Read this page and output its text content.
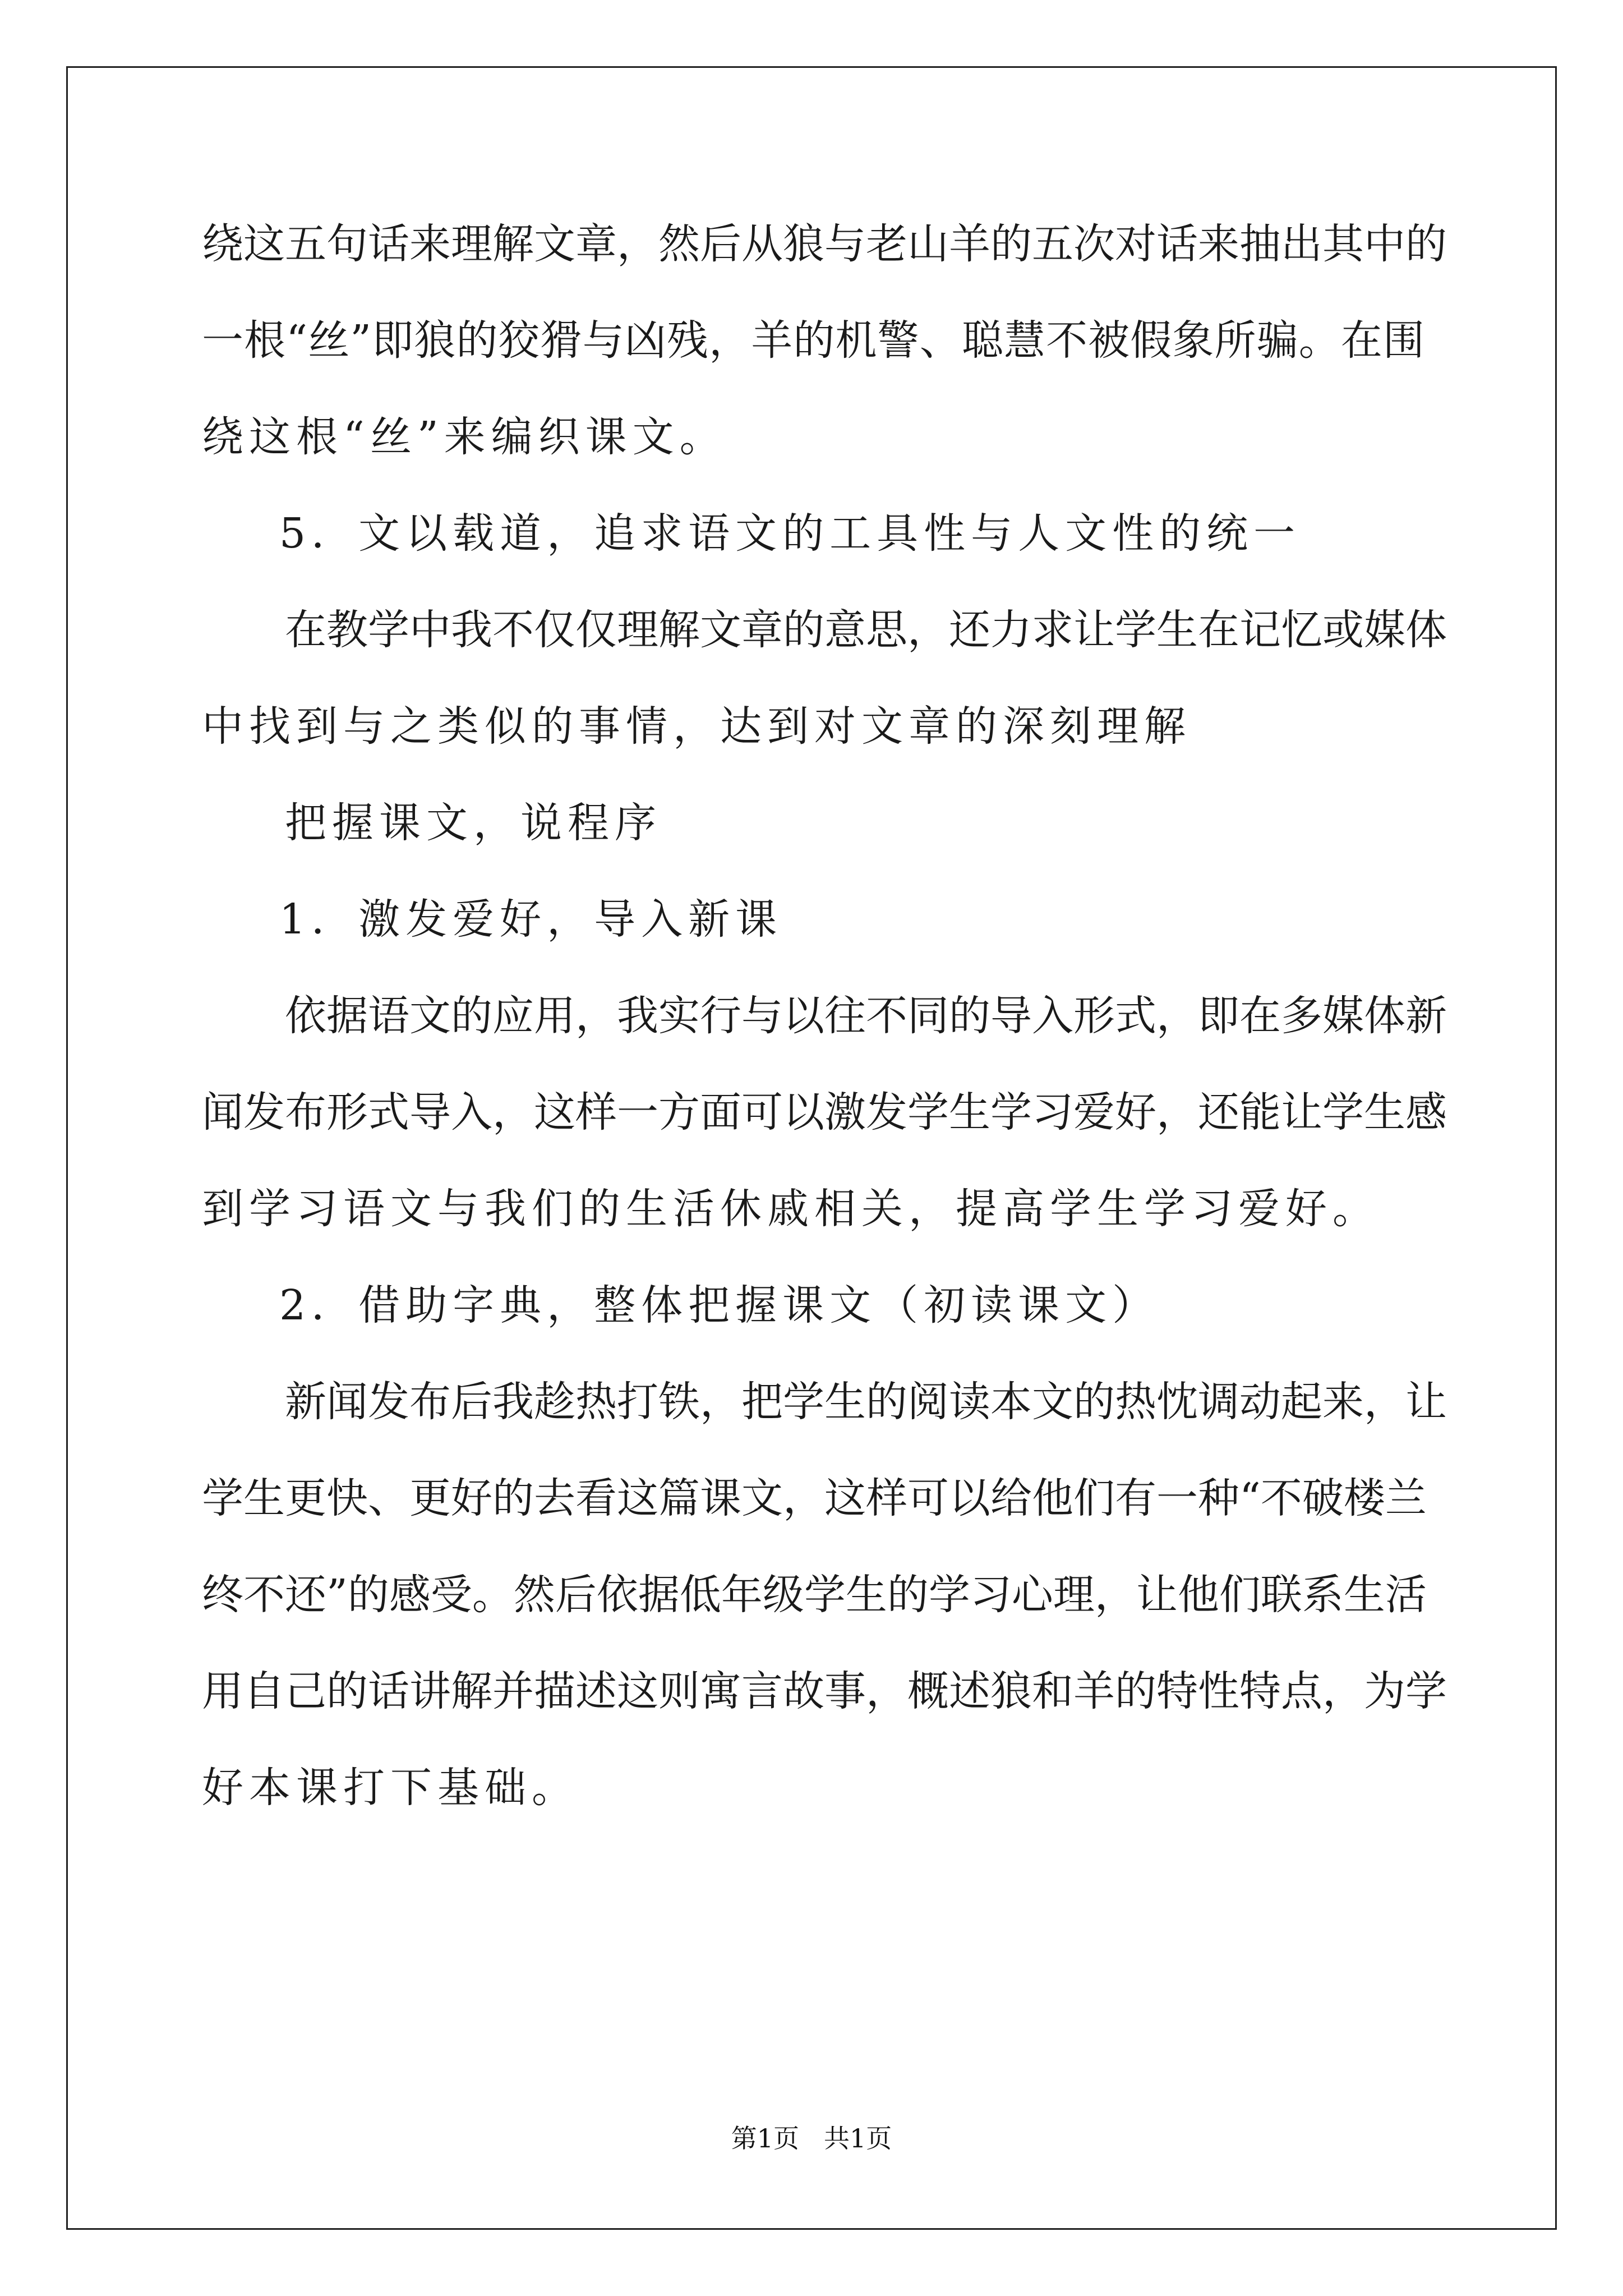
绕这五句话来理解文章，然后从狼与老山羊的五次对话来抽出其中的
一根“丝”即狼的狡猾与凶残，羊的机警、聪慧不被假象所骗。在围
绕这根“丝”来编织课文。
5．文以载道，追求语文的工具性与人文性的统一
在教学中我不仅仅理解文章的意思，还力求让学生在记忆或媒体
中找到与之类似的事情，达到对文章的深刻理解
把握课文，说程序
1．激发爱好，导入新课
依据语文的应用，我实行与以往不同的导入形式，即在多媒体新
闻发布形式导入，这样一方面可以激发学生学习爱好，还能让学生感
到学习语文与我们的生活休戚相关，提高学生学习爱好。
2．借助字典，整体把握课文（初读课文）
新闻发布后我趁热打铁，把学生的阅读本文的热忱调动起来，让
学生更快、更好的去看这篇课文，这样可以给他们有一种“不破楼兰
终不还”的感受。然后依据低年级学生的学习心理，让他们联系生活
用自己的话讲解并描述这则寓言故事，概述狼和羊的特性特点，为学
好本课打下基础。
第1页 共1页
